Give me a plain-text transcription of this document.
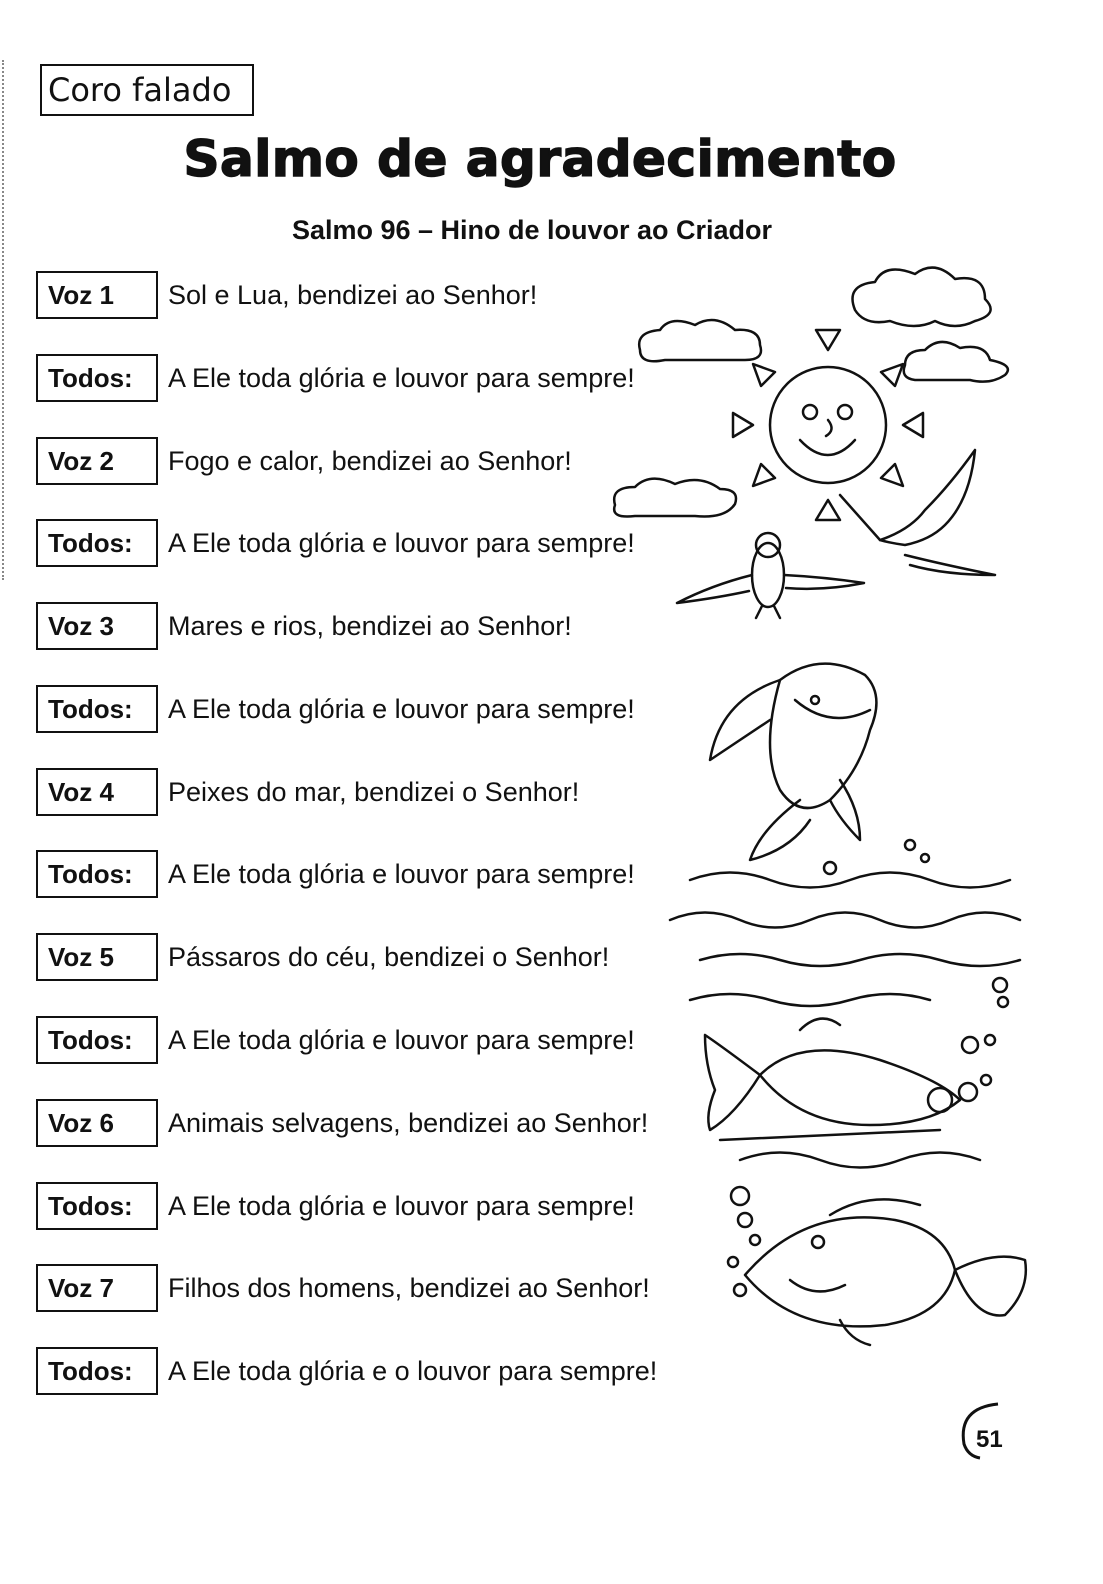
Coro falado
Salmo de agradecimento
Salmo 96 – Hino de louvor ao Criador
Voz 1	Sol e Lua, bendizei ao Senhor!
Todos:	A Ele toda glória e louvor para sempre!
Voz 2	Fogo e calor, bendizei ao Senhor!
Todos:	A Ele toda glória e louvor para sempre!
Voz 3	Mares e rios, bendizei ao Senhor!
Todos:	A Ele toda glória e louvor para sempre!
Voz 4	Peixes do mar, bendizei o Senhor!
Todos:	A Ele toda glória e louvor para sempre!
Voz 5	Pássaros do céu, bendizei o Senhor!
Todos:	A Ele toda glória e louvor para sempre!
Voz 6	Animais selvagens, bendizei ao Senhor!
Todos:	A Ele toda glória e louvor para sempre!
Voz 7	Filhos dos homens, bendizei ao Senhor!
Todos:	A Ele toda glória e o louvor para sempre!
51
